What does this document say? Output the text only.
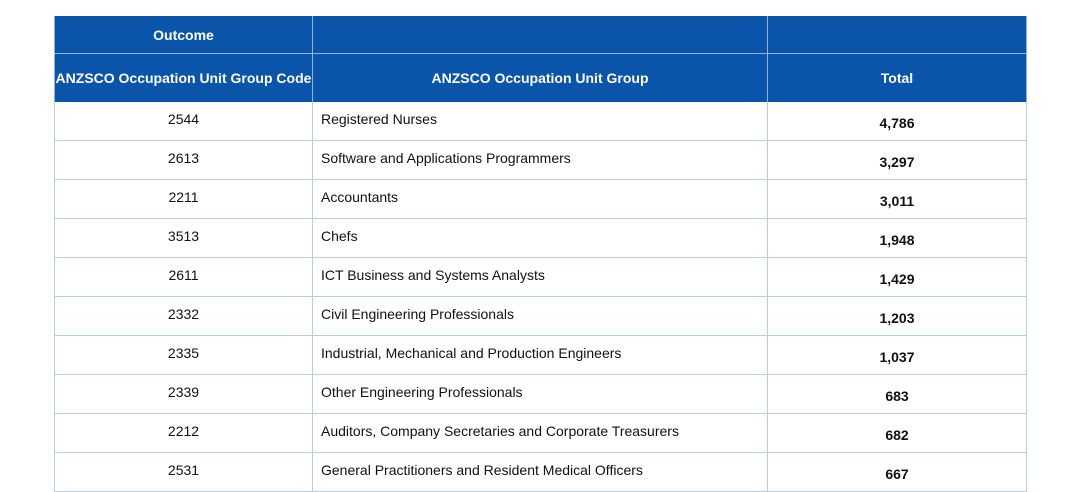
Outcome		
ANZSCO Occupation Unit Group Code	ANZSCO Occupation Unit Group	Total
2544	Registered Nurses	4,786
2613	Software and Applications Programmers	3,297
2211	Accountants	3,011
3513	Chefs	1,948
2611	ICT Business and Systems Analysts	1,429
2332	Civil Engineering Professionals	1,203
2335	Industrial, Mechanical and Production Engineers	1,037
2339	Other Engineering Professionals	683
2212	Auditors, Company Secretaries and Corporate Treasurers	682
2531	General Practitioners and Resident Medical Officers	667
